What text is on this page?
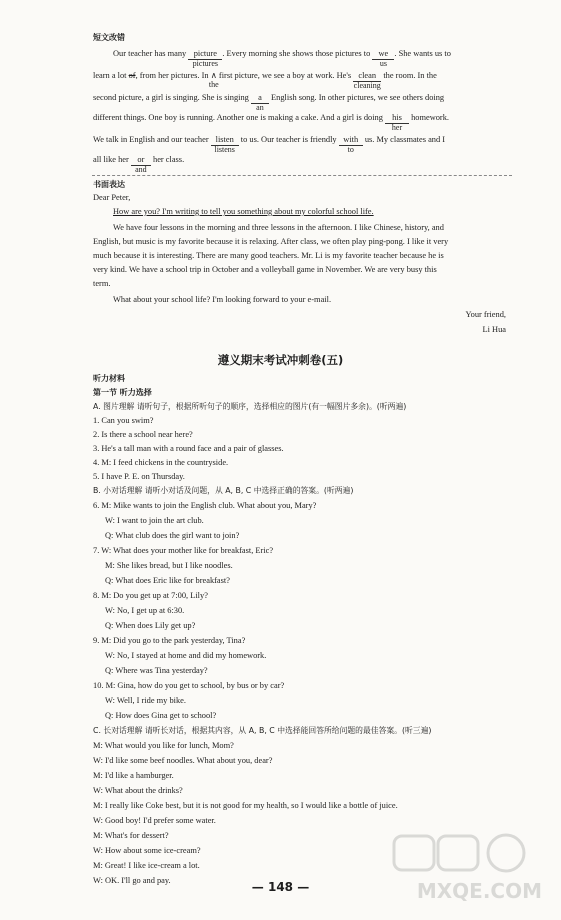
短文改错
Our teacher has many picture
pictures
. Every morning she shows those pictures to we
us
. She wants us to
learn a lot of, from her pictures. In ∧
the
first picture, we see a boy at work. He's clean
cleaning
the room. In the
second picture, a girl is singing. She is singing a
an
English song. In other pictures, we see others doing
different things. One boy is running. Another one is making a cake. And a girl is doing his
her
homework.
We talk in English and our teacher listen
listens
to us. Our teacher is friendly with
to
us. My classmates and I
all like her or
and
her class.
书面表达
Dear Peter,
How are you? I'm writing to tell you something about my colorful school life.
We have four lessons in the morning and three lessons in the afternoon. I like Chinese, history, and
English, but music is my favorite because it is relaxing. After class, we often play ping-pong. I like it very
much because it is interesting. There are many good teachers. Mr. Li is my favorite teacher because he is
very kind. We have a school trip in October and a volleyball game in November. We are very busy this
term.
What about your school life? I'm looking forward to your e-mail.
Your friend,
Li Hua
遵义期末考试冲刺卷(五)
听力材料
第一节 听力选择
A. 图片理解 请听句子，根据所听句子的顺序，选择相应的图片(有一幅图片多余)。(听两遍)
1. Can you swim?
2. Is there a school near here?
3. He's a tall man with a round face and a pair of glasses.
4. M: I feed chickens in the countryside.
5. I have P. E. on Thursday.
B. 小对话理解 请听小对话及问题，从 A, B, C 中选择正确的答案。(听两遍)
6. M: Mike wants to join the English club. What about you, Mary?
W: I want to join the art club.
Q: What club does the girl want to join?
7. W: What does your mother like for breakfast, Eric?
M: She likes bread, but I like noodles.
Q: What does Eric like for breakfast?
8. M: Do you get up at 7:00, Lily?
W: No, I get up at 6:30.
Q: When does Lily get up?
9. M: Did you go to the park yesterday, Tina?
W: No, I stayed at home and did my homework.
Q: Where was Tina yesterday?
10. M: Gina, how do you get to school, by bus or by car?
W: Well, I ride my bike.
Q: How does Gina get to school?
C. 长对话理解 请听长对话，根据其内容，从 A, B, C 中选择能回答所给问题的最佳答案。(听三遍)
M: What would you like for lunch, Mom?
W: I'd like some beef noodles. What about you, dear?
M: I'd like a hamburger.
W: What about the drinks?
M: I really like Coke best, but it is not good for my health, so I would like a bottle of juice.
W: Good boy! I'd prefer some water.
M: What's for dessert?
W: How about some ice-cream?
M: Great! I like ice-cream a lot.
W: OK. I'll go and pay.	— 148 —	MXQE.COM
